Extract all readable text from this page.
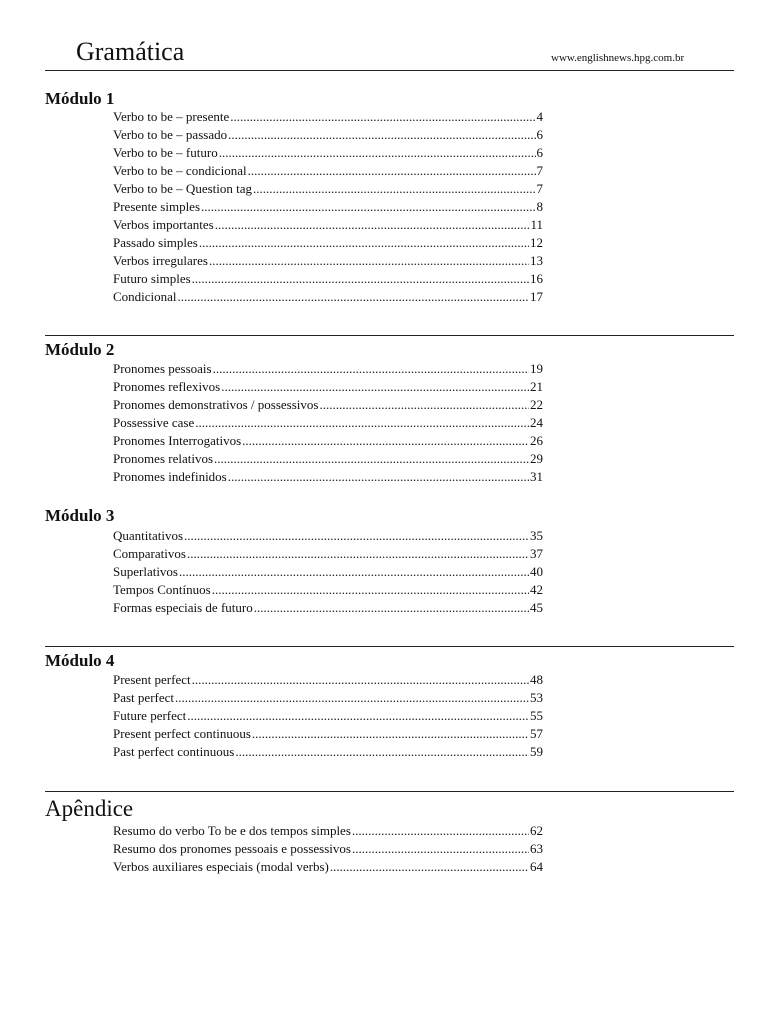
Gramática	www.englishnews.hpg.com.br
Módulo 1
Verbo to be – presente .....	4
Verbo to be – passado .....	6
Verbo to be – futuro .....	6
Verbo to be – condicional .....	7
Verbo to be – Question tag .....	7
Presente simples .....	8
Verbos importantes .....	11
Passado simples .....	12
Verbos irregulares .....	13
Futuro simples .....	16
Condicional .....	17
Módulo 2
Pronomes pessoais .....	19
Pronomes reflexivos .....	21
Pronomes demonstrativos / possessivos .....	22
Possessive case .....	24
Pronomes Interrogativos .....	26
Pronomes relativos .....	29
Pronomes indefinidos .....	31
Módulo 3
Quantitativos .....	35
Comparativos .....	37
Superlativos .....	40
Tempos Contínuos .....	42
Formas especiais de futuro .....	45
Módulo 4
Present perfect .....	48
Past perfect .....	53
Future perfect .....	55
Present perfect continuous .....	57
Past perfect continuous .....	59
Apêndice
Resumo do verbo To be e dos tempos simples .....	62
Resumo dos pronomes pessoais e possessivos .....	63
Verbos auxiliares especiais (modal verbs) .....	64
